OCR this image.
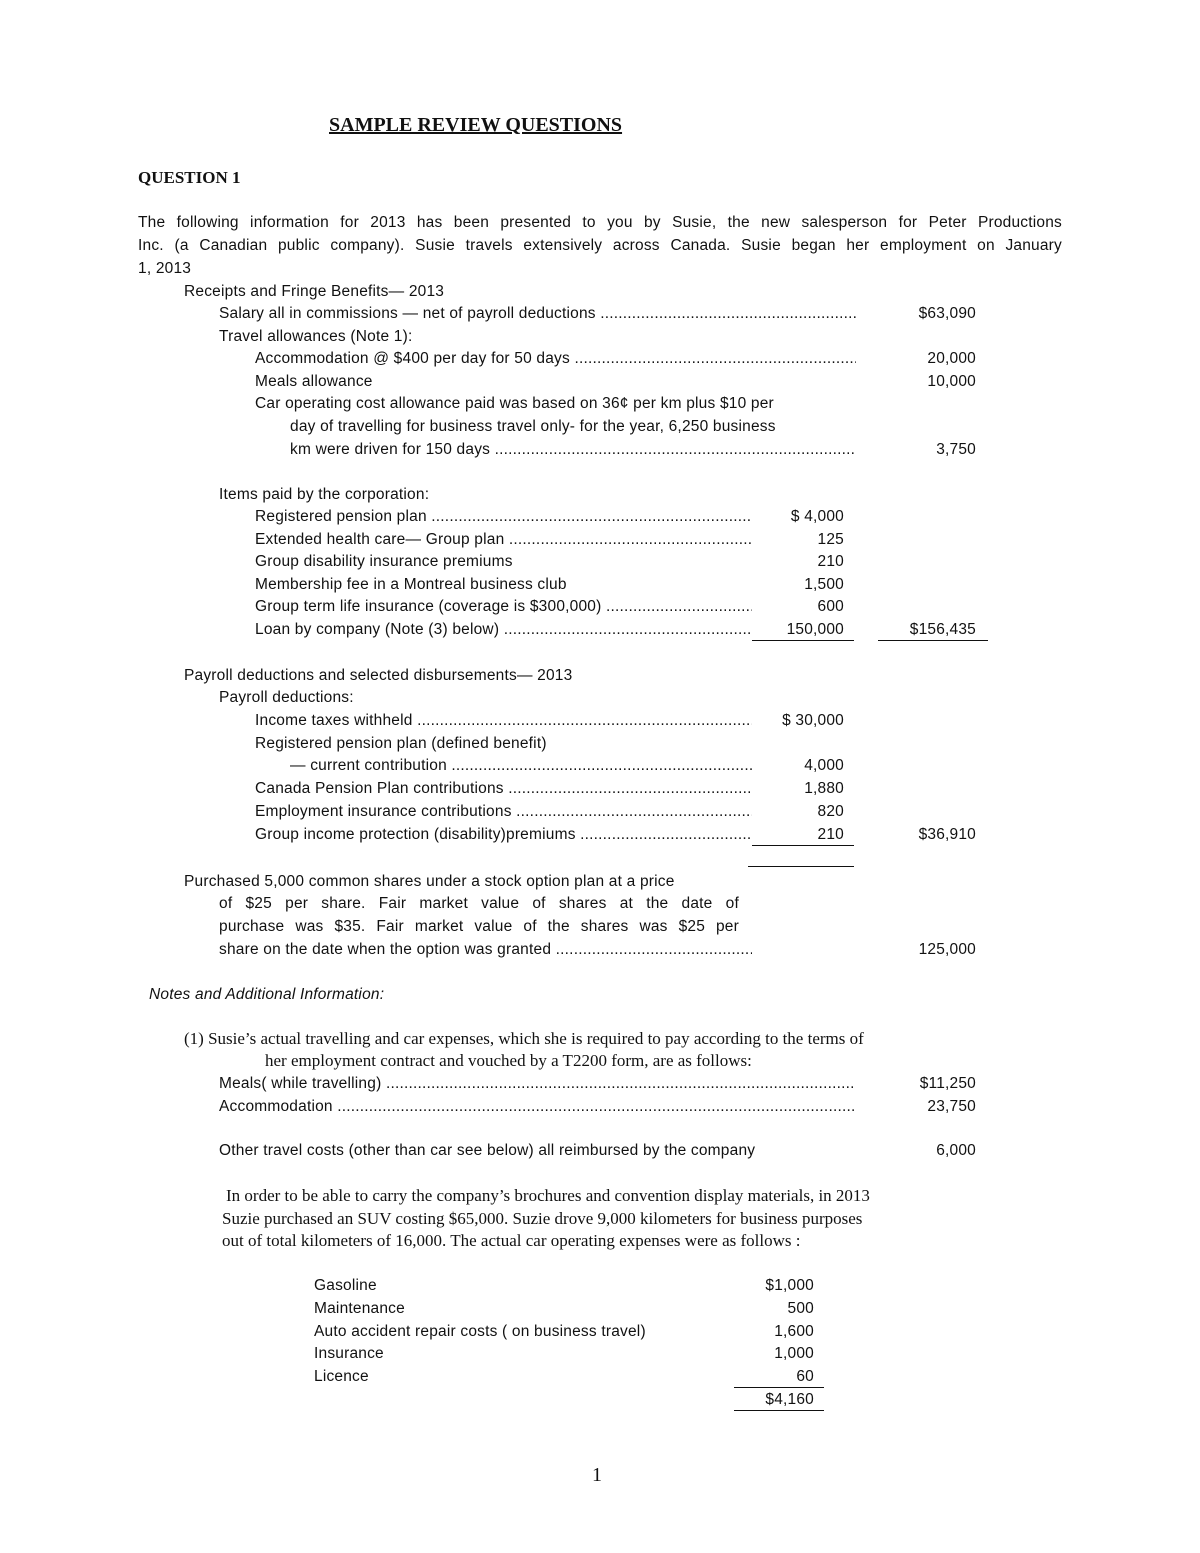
SAMPLE REVIEW QUESTIONS
QUESTION 1
The following information for 2013 has been presented to you by Susie, the new salesperson for Peter Productions
Inc. (a Canadian public company). Susie travels extensively across Canada. Susie began her employment on January
1, 2013
Receipts and Fringe Benefits— 2013
Salary all in commissions — net of payroll deductions .....	$63,090
Travel allowances (Note 1):
Accommodation @ $400 per day for 50 days .....	20,000
Meals allowance	10,000
Car operating cost allowance paid was based on 36¢ per km plus $10 per
day of travelling for business travel only- for the year, 6,250 business
km were driven for 150 days .....	3,750
Items paid by the corporation:
Registered pension plan .....	$ 4,000
Extended health care— Group plan .....	125
Group disability insurance premiums	210
Membership fee in a Montreal business club	1,500
Group term life insurance (coverage is $300,000) .....	600
Loan by company (Note (3) below) .....	150,000	$156,435
Payroll deductions and selected disbursements— 2013
Payroll deductions:
Income taxes withheld .....	$ 30,000
Registered pension plan (defined benefit)
— current contribution .....	4,000
Canada Pension Plan contributions .....	1,880
Employment insurance contributions .....	820
Group income protection (disability)premiums .....	210	$36,910
Purchased 5,000 common shares under a stock option plan at a price
of $25 per share. Fair market value of shares at the date of
purchase was $35. Fair market value of the shares was $25 per
share on the date when the option was granted .....	125,000
Notes and Additional Information:
(1) Susie’s actual travelling and car expenses, which she is required to pay according to the terms of
her employment contract and vouched by a T2200 form, are as follows:
Meals( while travelling) .....	$11,250
Accommodation .....	23,750
Other travel costs (other than car see below) all reimbursed by the company	6,000
In order to be able to carry the company’s brochures and convention display materials, in 2013
Suzie purchased an SUV costing $65,000. Suzie drove 9,000 kilometers for business purposes
out of total kilometers of 16,000. The actual car operating expenses were as follows :
Gasoline	$1,000
Maintenance	500
Auto accident repair costs ( on business travel)	1,600
Insurance	1,000
Licence	60
$4,160
1
